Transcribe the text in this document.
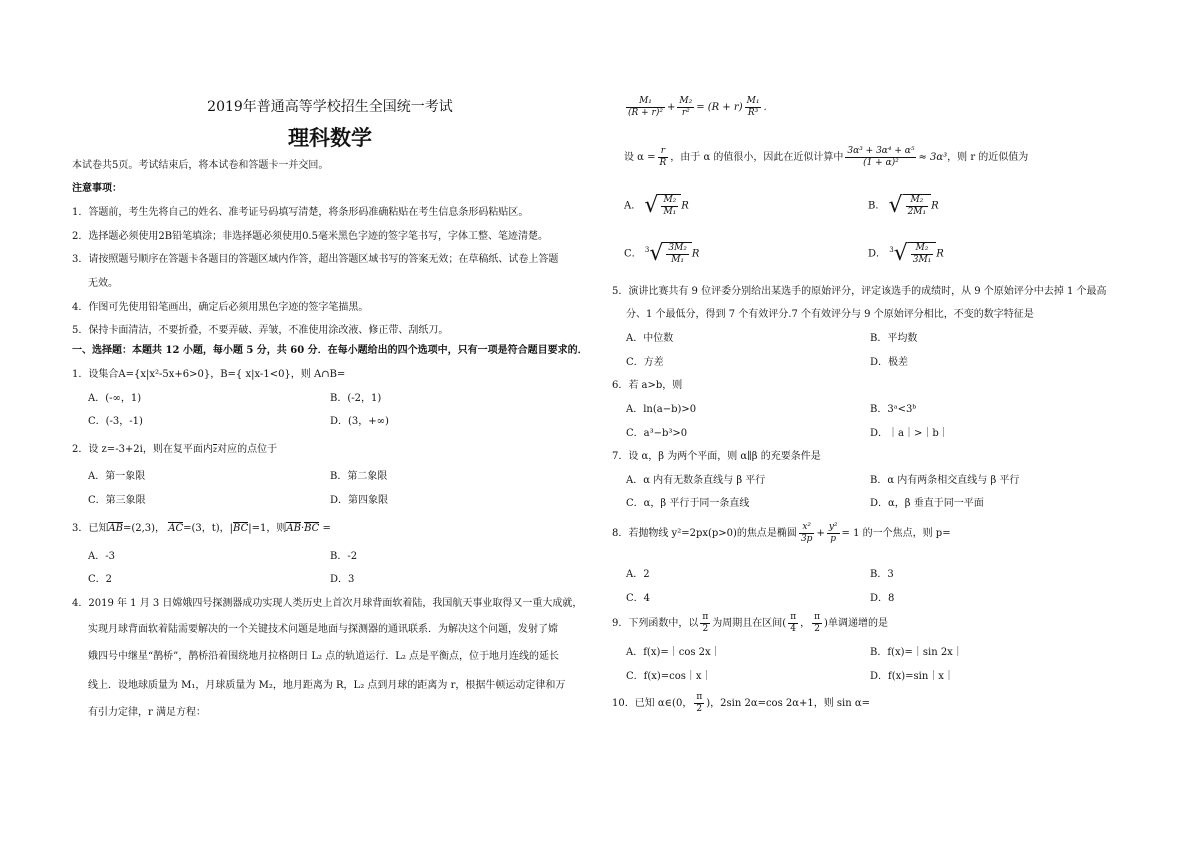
2019年普通高等学校招生全国统一考试
理科数学
本试卷共5页。考试结束后，将本试卷和答题卡一并交回。
注意事项：
1．答题前，考生先将自己的姓名、准考证号码填写清楚，将条形码准确粘贴在考生信息条形码粘贴区。
2．选择题必须使用2B铅笔填涂；非选择题必须使用0.5毫米黑色字迹的签字笔书写，字体工整、笔迹清楚。
3．请按照题号顺序在答题卡各题目的答题区域内作答，超出答题区域书写的答案无效；在草稿纸、试卷上答题
无效。
4．作图可先使用铅笔画出，确定后必须用黑色字迹的签字笔描黑。
5．保持卡面清洁，不要折叠，不要弄破、弄皱，不准使用涂改液、修正带、刮纸刀。
一、选择题：本题共 12 小题，每小题 5 分，共 60 分．在每小题给出的四个选项中，只有一项是符合题目要求的．
1．设集合A={x|x²-5x+6>0}，B={ x|x-1<0}，则 A∩B=
A．(-∞，1)	B．(-2，1)
C．(-3，-1)	D．(3，+∞)
2．设 z=-3+2i，则在复平面内z对应的点位于
A．第一象限	B．第二象限
C．第三象限	D．第四象限
3．已知AB=(2,3)， AC=(3，t)，|BC|=1，则AB·BC =
A．-3	B．-2
C．2	D．3
4．2019 年 1 月 3 日嫦娥四号探测器成功实现人类历史上首次月球背面软着陆，我国航天事业取得又一重大成就，
实现月球背面软着陆需要解决的一个关键技术问题是地面与探测器的通讯联系．为解决这个问题，发射了嫦
娥四号中继星“鹊桥”，鹊桥沿着围绕地月拉格朗日 L₂ 点的轨道运行．L₂ 点是平衡点，位于地月连线的延长
线上．设地球质量为 M₁，月球质量为 M₂，地月距离为 R，L₂ 点到月球的距离为 r，根据牛顿运动定律和万
有引力定律，r 满足方程：
$\frac{\text{M₁}}{\text{(R + r)²}} + \frac{\text{M₂}}{\text{r²}} = (R + r) \frac{\text{M₁}}{\text{R³}}$ .
设 $\alpha = \frac{r}{R}$ ，由于 α 的值很小，因此在近似计算中 $\frac{\text{3α³ + 3α⁴ + α⁵}}{\text{(1 + α)²}} \approx 3\alpha^3$，则 r 的近似值为
A． √ $\frac{\text{M₂}}{\text{M₁}}$ R	B． √ $\frac{\text{M₂}}{\text{2M₁}}$ R
C． $^3√ \frac{\text{3M₂}}{\text{M₁}}$ R	D． $^3√ \frac{\text{M₂}}{\text{3M₁}}$ R
5．演讲比赛共有 9 位评委分别给出某选手的原始评分，评定该选手的成绩时，从 9 个原始评分中去掉 1 个最高
分、1 个最低分，得到 7 个有效评分.7 个有效评分与 9 个原始评分相比，不变的数字特征是
A．中位数	B．平均数
C．方差	D．极差
6．若 a>b，则
A．ln(a−b)>0	B．3ᵃ<3ᵇ
C．a³−b³>0	D．｜a｜>｜b｜
7．设 α，β 为两个平面，则 α∥β 的充要条件是
A．α 内有无数条直线与 β 平行	B．α 内有两条相交直线与 β 平行
C．α，β 平行于同一条直线	D．α，β 垂直于同一平面
8．若抛物线 y²=2px(p>0)的焦点是椭圆 $\frac{\text{x²}}{3p} + \frac{\text{y²}}{p} = 1$ 的一个焦点，则 p=
A．2	B．3
C．4	D．8
9．下列函数中，以 $\frac{\pi}{2}$ 为周期且在区间( $\frac{\pi}{4}$ ， $\frac{\pi}{2}$ )单调递增的是
A．f(x)=｜cos 2x｜	B．f(x)=｜sin 2x｜
C．f(x)=cos｜x｜	D．f(x)=sin｜x｜
10．已知 α∈(0， $\frac{\pi}{2}$ )，2sin 2α=cos 2α+1，则 sin α=
